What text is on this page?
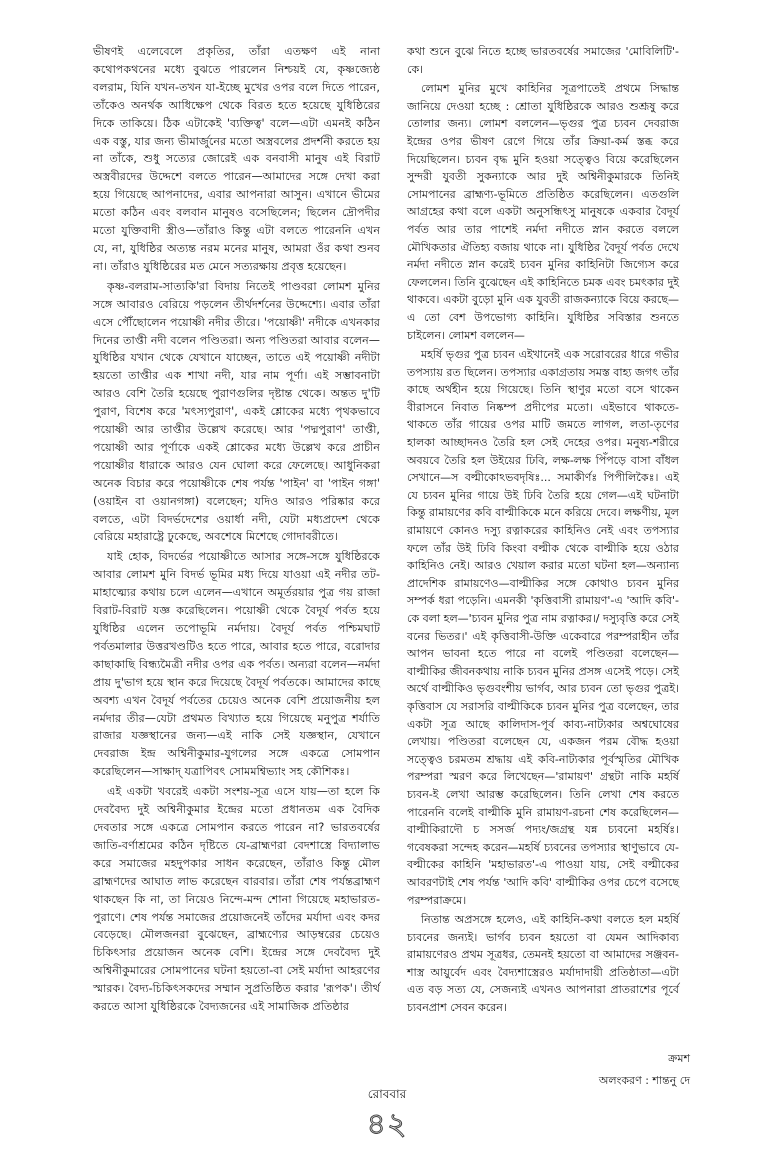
ভীষণই এলেবেলে প্রকৃতির, তাঁরা এতক্ষণ এই নানা কথোপকথনের মধ্যে বুঝতে পারলেন নিশ্চয়ই যে, কৃষ্ণজ্যেষ্ঠ বলরাম, যিনি যখন-তখন যা-ইচ্ছে মুখের ওপর বলে দিতে পারেন, তাঁকেও অনর্থক আধিক্ষেপ থেকে বিরত হতে হয়েছে যুধিষ্ঠিরের দিকে তাকিয়ে। ঠিক এটাকেই 'ব্যক্তিত্ব' বলে—এটা এমনই কঠিন এক বস্তু, যার জন্য ভীমার্জুনের মতো অস্ত্রবলের প্রদর্শনী করতে হয় না তাঁকে, শুধু সত্যের জোরেই এক বনবাসী মানুষ এই বিরাট অস্ত্রবীরদের উদ্দেশে বলতে পারেন—আমাদের সঙ্গে দেখা করা হয়ে গিয়েছে আপনাদের, এবার আপনারা আসুন। এখানে ভীমের মতো কঠিন এবং বলবান মানুষও বসেছিলেন; ছিলেন দ্রৌপদীর মতো যুক্তিবাদী স্ত্রীও—তাঁরাও কিন্তু এটা বলতে পারেননি এখন যে, না, যুধিষ্ঠির অত্যন্ত নরম মনের মানুষ, আমরা ওঁর কথা শুনব না। তাঁরাও যুধিষ্ঠিরের মত মেনে সত্যরক্ষায় প্রবৃত্ত হয়েছেন।

কৃষ্ণ-বলরাম-সাত্যকি'রা বিদায় নিতেই পাণ্ডবরা লোমশ মুনির সঙ্গে আবারও বেরিয়ে পড়লেন তীর্থদর্শনের উদ্দেশ্যে। এবার তাঁরা এসে পৌঁছোলেন পয়োষ্ণী নদীর তীরে। 'পয়োষ্ণী' নদীকে এখনকার দিনের তাপ্তী নদী বলেন পণ্ডিতরা। অন্য পণ্ডিতরা আবার বলেন—যুধিষ্ঠির যখান থেকে যেখানে যাচ্ছেন, তাতে এই পয়োষ্ণী নদীটা হয়তো তাপ্তীর এক শাখা নদী, যার নাম পূর্ণা। এই সম্ভাবনাটা আরও বেশি তৈরি হয়েছে পুরাণগুলির দৃষ্টান্ত থেকে। অন্তত দু'টি পুরাণ, বিশেষ করে 'মৎস্যপুরাণ', একই শ্লোকের মধ্যে পৃথকভাবে পয়োষ্ণী আর তাপ্তীর উল্লেখ করেছে। আর 'পদ্মপুরাণ' তাপ্তী, পয়োষ্ণী আর পূর্ণাকে একই শ্লোকের মধ্যে উল্লেখ করে প্রাচীন পয়োষ্ণীর ধারাকে আরও যেন ঘোলা করে ফেলেছে। আধুনিকরা অনেক বিচার করে পয়োষ্ণীকে শেষ পর্যন্ত 'পাইন' বা 'পাইন গঙ্গা' (ওয়াইন বা ওয়ানগঙ্গা) বলেছেন; যদিও আরও পরিষ্কার করে বলতে, এটা বিদর্ভদেশের ওয়ার্ধা নদী, যেটা মধ্যপ্রদেশ থেকে বেরিয়ে মহারাষ্ট্রে ঢুকেছে, অবশেষে মিশেছে গোদাবরীতে।

যাই হোক, বিদর্ভের পয়োষ্ণীতে আসার সঙ্গে-সঙ্গে যুধিষ্ঠিরকে আবার লোমশ মুনি বিদর্ভ ভূমির মধ্য দিয়ে যাওয়া এই নদীর তট-মাহাত্ম্যের কথায় চলে এলেন—এখানে অমূর্তরয়ার পুত্র গয় রাজা বিরাট-বিরাট যজ্ঞ করেছিলেন। পয়োষ্ণী থেকে বৈদূর্য পর্বত হয়ে যুধিষ্ঠির এলেন তপোভূমি নর্মদায়। বৈদূর্য পর্বত পশ্চিমঘাট পর্বতমালার উত্তরখণ্ডটিও হতে পারে, আবার হতে পারে, বরোদার কাছাকাছি বিন্ধ্যমৈত্রী নদীর ওপর এক পর্বত। অন্যরা বলেন—নর্মদা প্রায় দু'ভাগ হয়ে স্থান করে দিয়েছে বৈদূর্য পর্বতকে। আমাদের কাছে অবশ্য এখন বৈদূর্য পর্বতের চেয়েও অনেক বেশি প্রয়োজনীয় হল নর্মদার তীর—যেটা প্রথমত বিখ্যাত হয়ে গিয়েছে মনুপুত্র শর্যাতি রাজার যজ্ঞস্থানের জন্য—এই নাকি সেই যজ্ঞস্থান, যেখানে দেবরাজ ইন্দ্র অশ্বিনীকুমার-যুগলের সঙ্গে একত্রে সোমপান করেছিলেন—সাক্ষাদ্ যত্রাপিবৎ সোমমশ্বিভ্যাং সহ কৌশিকঃ।

এই একটা খবরেই একটা সংশয়-সূত্র এসে যায়—তা হলে কি দেববৈদ্য দুই অশ্বিনীকুমার ইন্দ্রের মতো প্রধানতম এক বৈদিক দেবতার সঙ্গে একত্রে সোমপান করতে পারেন না? ভারতবর্ষের জাতি-বর্ণাশ্রমের কঠিন দৃষ্টিতে যে-ব্রাহ্মণরা বেদশাস্ত্রে বিদ্যালাভ করে সমাজের মহদুপকার সাধন করেছেন, তাঁরাও কিন্তু মৌল ব্রাহ্মণদের আঘাত লাভ করেছেন বারবার। তাঁরা শেষ পর্যন্তব্রাহ্মণ থাকছেন কি না, তা নিয়েও নিন্দে-মন্দ শোনা গিয়েছে মহাভারত-পুরাণে। শেষ পর্যন্ত সমাজের প্রয়োজনেই তাঁদের মর্যাদা এবং কদর বেড়েছে। মৌলজনরা বুঝেছেন, ব্রাহ্মণ্যের আড়ম্বরের চেয়েও চিকিৎসার প্রয়োজন অনেক বেশি। ইন্দ্রের সঙ্গে দেববৈদ্য দুই অশ্বিনীকুমারের সোমপানের ঘটনা হয়তো-বা সেই মর্যাদা আহরণের স্মারক। বৈদ্য-চিকিৎসকদের সম্মান সুপ্রতিষ্ঠিত করার 'রূপক'। তীর্থ করতে আসা যুধিষ্ঠিরকে বৈদ্যজনের এই সামাজিক প্রতিষ্ঠার

কথা শুনে বুঝে নিতে হচ্ছে ভারতবর্ষের সমাজের 'মোবিলিটি'-কে।

লোমশ মুনির মুখে কাহিনির সূত্রপাতেই প্রথমে সিদ্ধান্ত জানিয়ে দেওয়া হচ্ছে : শ্রোতা যুধিষ্ঠিরকে আরও শুশ্রূষু করে তোলার জন্য। লোমশ বললেন—ভৃগুর পুত্র চ্যবন দেবরাজ ইন্দ্রের ওপর ভীষণ রেগে গিয়ে তাঁর ক্রিয়া-কর্ম স্তব্ধ করে দিয়েছিলেন। চ্যবন বৃদ্ধ মুনি হওয়া সত্ত্বেও বিয়ে করেছিলেন সুন্দরী যুবতী সুকন্যাকে আর দুই অশ্বিনীকুমারকে তিনিই সোমপানের ব্রাহ্মণ্য-ভূমিতে প্রতিষ্ঠিত করেছিলেন। এতগুলি আগ্রহের কথা বলে একটা অনুসন্ধিৎসু মানুষকে একবার বৈদূর্য পর্বত আর তার পাশেই নর্মদা নদীতে স্নান করতে বললে মৌখিকতার ঐতিহ্য বজায় থাকে না। যুধিষ্ঠির বৈদূর্য পর্বত দেখে নর্মদা নদীতে স্নান করেই চ্যবন মুনির কাহিনিটা জিগ্যেস করে ফেললেন। তিনি বুঝেছেন এই কাহিনিতে চমক এবং চমৎকার দুই থাকবে। একটা বুড়ো মুনি এক যুবতী রাজকন্যাকে বিয়ে করছে—এ তো বেশ উপভোগ্য কাহিনি। যুধিষ্ঠির সবিস্তার শুনতে চাইলেন। লোমশ বললেন—

মহর্ষি ভৃগুর পুত্র চ্যবন এইখানেই এক সরোবরের ধারে গভীর তপস্যায় রত ছিলেন। তপস্যার একাগ্রতায় সমস্ত বাহ্য জগৎ তাঁর কাছে অর্থহীন হয়ে গিয়েছে। তিনি স্থাণুর মতো বসে থাকেন বীরাসনে নিবাত নিষ্কম্প প্রদীপের মতো। এইভাবে থাকতে-থাকতে তাঁর গায়ের ওপর মাটি জমতে লাগল, লতা-তৃণের হালকা আচ্ছাদনও তৈরি হল সেই দেহের ওপর। মনুষ্য-শরীরে অবয়বে তৈরি হল উইয়ের ঢিবি, লক্ষ-লক্ষ পিঁপড়ে বাসা বাঁধল সেখানে—স বল্মীকোঽভবদৃষিঃ... সমাকীর্ণঃ পিপীলিকৈঃ। এই যে চ্যবন মুনির গায়ে উই ঢিবি তৈরি হয়ে গেল—এই ঘটনাটা কিন্তু রামায়ণের কবি বাল্মীকিকে মনে করিয়ে দেবে। লক্ষণীয়, মূল রামায়ণে কোনও দস্যু রত্নাকরের কাহিনিও নেই এবং তপস্যার ফলে তাঁর উই ঢিবি কিংবা বল্মীক থেকে বাল্মীকি হয়ে ওঠার কাহিনিও নেই। আরও খেয়াল করার মতো ঘটনা হল—অন্যান্য প্রাদেশিক রামায়ণেও—বাল্মীকির সঙ্গে কোথাও চ্যবন মুনির সম্পর্ক ধরা পড়েনি। এমনকী 'কৃত্তিবাসী রামায়ণ'-এ 'আদি কবি'-কে বলা হল—'চ্যবন মুনির পুত্র নাম রত্নাকর।/ দস্যুবৃত্তি করে সেই বনের ভিতর।' এই কৃত্তিবাসী-উক্তি একেবারে পরম্পরাহীন তাঁর আপন ভাবনা হতে পারে না বলেই পণ্ডিতরা বলেছেন—বাল্মীকির জীবনকথায় নাকি চ্যবন মুনির প্রসঙ্গ এসেই পড়ে। সেই অর্থে বাল্মীকিও ভৃগুবংশীয় ভার্গব, আর চ্যবন তো ভৃগুর পুত্রই। কৃত্তিবাস যে সরাসরি বাল্মীকিকে চ্যবন মুনির পুত্র বলেছেন, তার একটা সূত্র আছে কালিদাস-পূর্ব কাব্য-নাট্যকার অশ্বঘোষের লেখায়। পণ্ডিতরা বলেছেন যে, একজন পরম বৌদ্ধ হওয়া সত্ত্বেও চরমতম শ্রদ্ধায় এই কবি-নাট্যকার পূর্বস্মৃতির মৌখিক পরম্পরা স্মরণ করে লিখেছেন—'রামায়ণ' গ্রন্থটা নাকি মহর্ষি চ্যবন-ই লেখা আরম্ভ করেছিলেন। তিনি লেখা শেষ করতে পারেননি বলেই বাল্মীকি মুনি রামায়ণ-রচনা শেষ করেছিলেন—বাল্মীকিরাদৌ চ সসর্জ পদ্যং/জগ্রন্থ যন্ন চ্যবনো মহর্ষিঃ। গবেষকরা সন্দেহ করেন—মহর্ষি চ্যবনের তপস্যার স্থাণুভাবে যে-বল্মীকের কাহিনি 'মহাভারত'-এ পাওয়া যায়, সেই বল্মীকের আবরণটাই শেষ পর্যন্ত 'আদি কবি' বাল্মীকির ওপর চেপে বসেছে পরম্পরাক্রমে।

নিতান্ত অপ্রসঙ্গে হলেও, এই কাহিনি-কথা বলতে হল মহর্ষি চ্যবনের জন্যই। ভার্গব চ্যবন হয়তো বা যেমন আদিকাব্য রামায়ণেরও প্রথম সূত্রধর, তেমনই হয়তো বা আমাদের সঞ্জবন-শাস্ত্র আয়ুর্বেদ এবং বৈদ্যশাস্ত্রেরও মর্যাদাদায়ী প্রতিষ্ঠাতা—এটা এত বড় সত্য যে, সেজন্যই এখনও আপনারা প্রাতরাশের পূর্বে চ্যবনপ্রাশ সেবন করেন।

ক্রমশ
অলংকরণ : শান্তনু দে
রোববার
৪২
